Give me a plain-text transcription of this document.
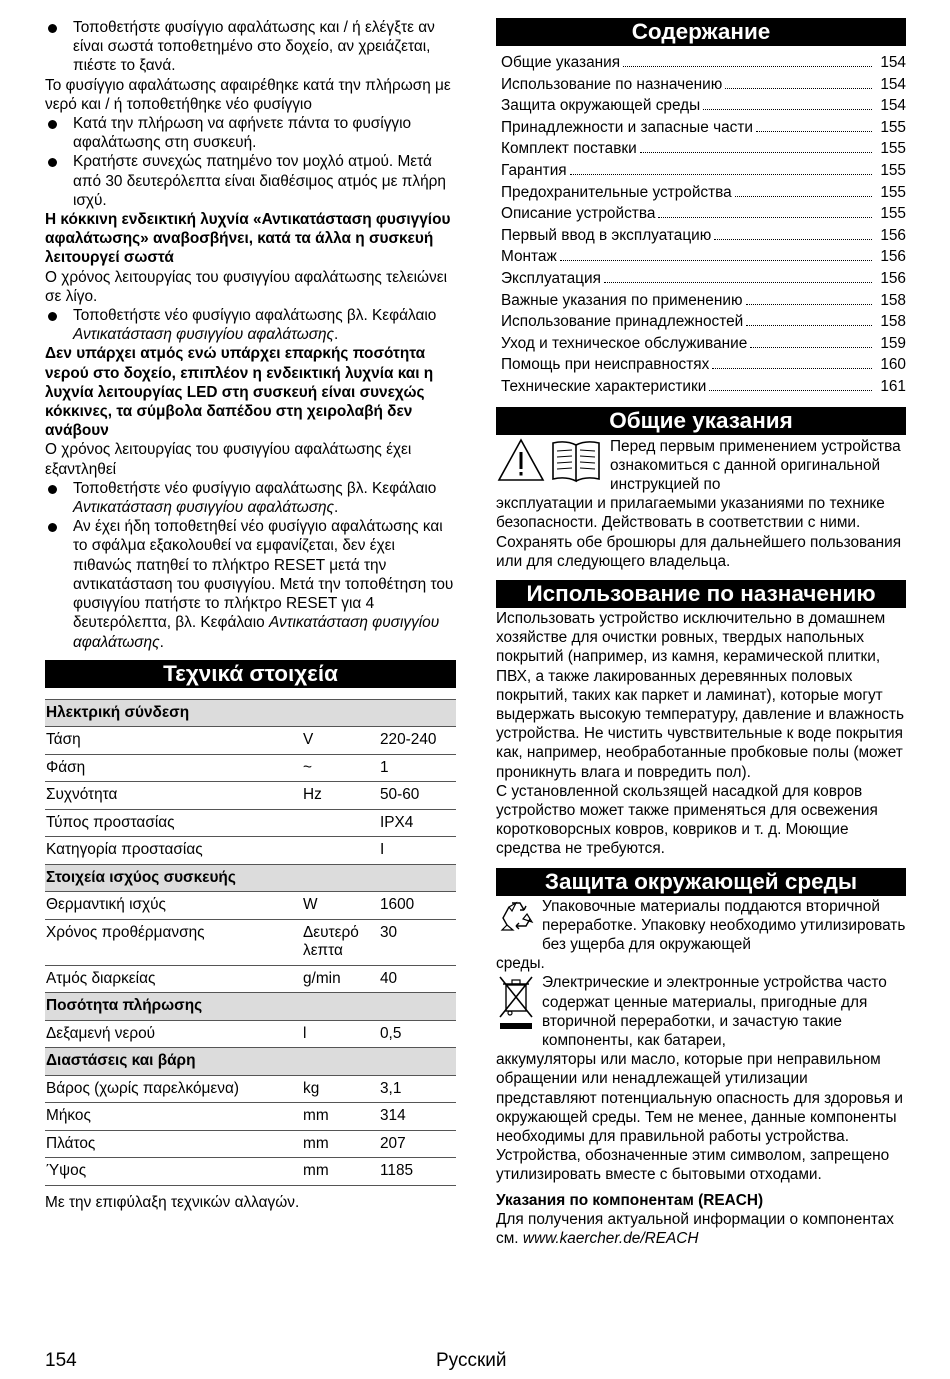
Τοποθετήστε φυσίγγιο αφαλάτωσης και / ή ελέγξτε αν είναι σωστά τοποθετημένο στο δοχείο, αν χρειάζεται, πιέστε το ξανά.

Το φυσίγγιο αφαλάτωσης αφαιρέθηκε κατά την πλήρωση με νερό και / ή τοποθετήθηκε νέο φυσίγγιο

Κατά την πλήρωση να αφήνετε πάντα το φυσίγγιο αφαλάτωσης στη συσκευή.

Κρατήστε συνεχώς πατημένο τον μοχλό ατμού. Μετά από 30 δευτερόλεπτα είναι διαθέσιμος ατμός με πλήρη ισχύ.

Η κόκκινη ενδεικτική λυχνία «Αντικατάσταση φυσιγγίου αφαλάτωσης» αναβοσβήνει, κατά τα άλλα η συσκευή λειτουργεί σωστά

Ο χρόνος λειτουργίας του φυσιγγίου αφαλάτωσης τελειώνει σε λίγο.

Τοποθετήστε νέο φυσίγγιο αφαλάτωσης βλ. Κεφάλαιο Αντικατάσταση φυσιγγίου αφαλάτωσης.

Δεν υπάρχει ατμός ενώ υπάρχει επαρκής ποσότητα νερού στο δοχείο, επιπλέον η ενδεικτική λυχνία και η λυχνία λειτουργίας LED στη συσκευή είναι συνεχώς κόκκινες, τα σύμβολα δαπέδου στη χειρολαβή δεν ανάβουν

Ο χρόνος λειτουργίας του φυσιγγίου αφαλάτωσης έχει εξαντληθεί

Τοποθετήστε νέο φυσίγγιο αφαλάτωσης βλ. Κεφάλαιο Αντικατάσταση φυσιγγίου αφαλάτωσης.

Αν έχει ήδη τοποθετηθεί νέο φυσίγγιο αφαλάτωσης και το σφάλμα εξακολουθεί να εμφανίζεται, δεν έχει πιθανώς πατηθεί το πλήκτρο RESET μετά την αντικατάσταση του φυσιγγίου. Μετά την τοποθέτηση του φυσιγγίου πατήστε το πλήκτρο RESET για 4 δευτερόλεπτα, βλ. Κεφάλαιο Αντικατάσταση φυσιγγίου αφαλάτωσης.

Τεχνικά στοιχεία
Ηλεκτρική σύνδεση		
Τάση	V	220-240
Φάση	~	1
Συχνότητα	Hz	50-60
Τύπος προστασίας		IPX4
Κατηγορία προστασίας		I
Στοιχεία ισχύος συσκευής		
Θερμαντική ισχύς	W	1600
Χρόνος προθέρμανσης	Δευτερό λεπτα	30
Ατμός διαρκείας	g/min	40
Ποσότητα πλήρωσης		
Δεξαμενή νερού	l	0,5
Διαστάσεις και βάρη		
Βάρος (χωρίς παρελκόμενα)	kg	3,1
Μήκος	mm	314
Πλάτος	mm	207
Ύψος	mm	1185

Με την επιφύλαξη τεχνικών αλλαγών.

Содержание
Общие указания	154
Использование по назначению	154
Защита окружающей среды	154
Принадлежности и запасные части	155
Комплект поставки	155
Гарантия	155
Предохранительные устройства	155
Описание устройства	155
Первый ввод в эксплуатацию	156
Монтаж	156
Эксплуатация	156
Важные указания по применению	158
Использование принадлежностей	158
Уход и техническое обслуживание	159
Помощь при неисправностях	160
Технические характеристики	161
Общие указания

Перед первым применением устройства ознакомиться с данной оригинальной инструкцией по

эксплуатации и прилагаемыми указаниями по технике безопасности. Действовать в соответствии с ними.

Сохранять обе брошюры для дальнейшего пользования или для следующего владельца.

Использование по назначению

Использовать устройство исключительно в домашнем хозяйстве для очистки ровных, твердых напольных покрытий (например, из камня, керамической плитки, ПВХ, а также лакированных деревянных половых покрытий, таких как паркет и ламинат), которые могут выдержать высокую температуру, давление и влажность устройства. Не чистить чувствительные к воде покрытия как, например, необработанные пробковые полы (может проникнуть влага и повредить пол).

С установленной скользящей насадкой для ковров устройство может также применяться для освежения коротковорсных ковров, ковриков и т. д. Моющие средства не требуются.

Защита окружающей среды

Упаковочные материалы поддаются вторичной переработке. Упаковку необходимо утилизировать без ущерба для окружающей

среды.

Электрические и электронные устройства часто содержат ценные материалы, пригодные для вторичной переработки, и зачастую такие компоненты, как батареи,

аккумуляторы или масло, которые при неправильном обращении или ненадлежащей утилизации представляют потенциальную опасность для здоровья и окружающей среды. Тем не менее, данные компоненты необходимы для правильной работы устройства. Устройства, обозначенные этим символом, запрещено утилизировать вместе с бытовыми отходами.

Указания по компонентам (REACH)

Для получения актуальной информации о компонентах см. www.kaercher.de/REACH

154	Русский
